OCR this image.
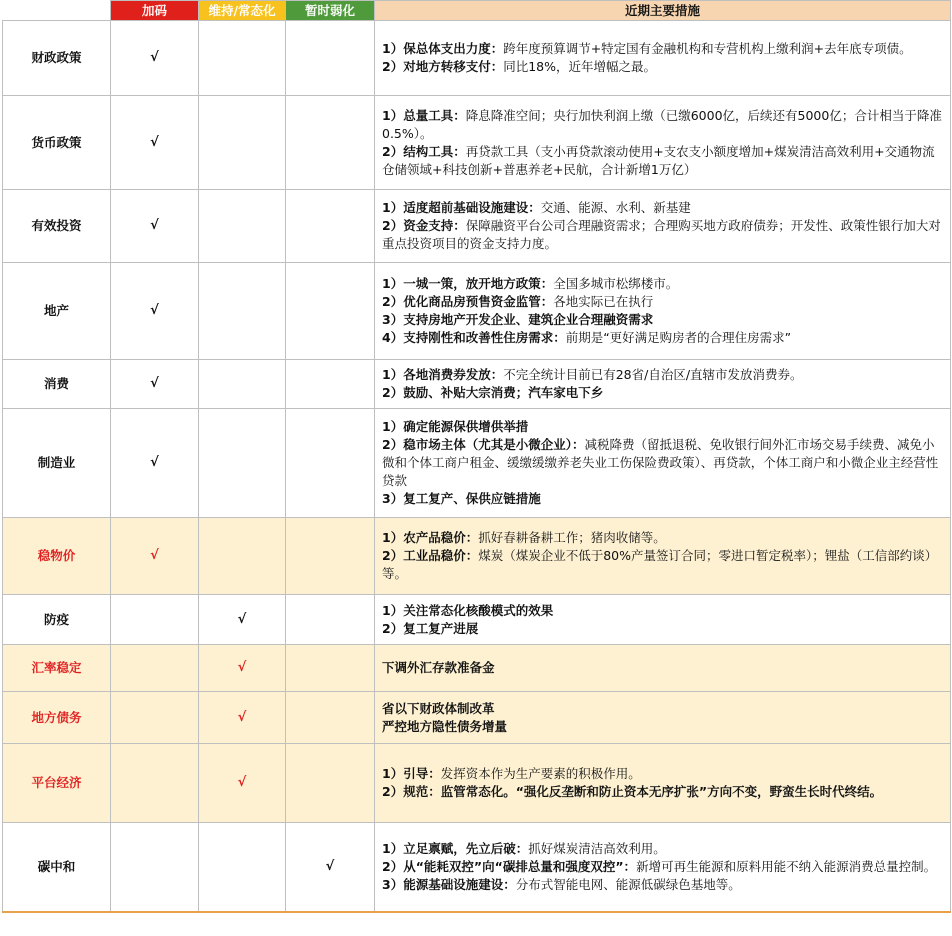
	加码	维持/常态化	暂时弱化	近期主要措施
财政政策	√			1）保总体支出力度：跨年度预算调节+特定国有金融机构和专营机构上缴利润+去年底专项债。
2）对地方转移支付：同比18%，近年增幅之最。

货币政策	√			1）总量工具：降息降准空间；央行加快利润上缴（已缴6000亿，后续还有5000亿；合计相当于降准0.5%）。
2）结构工具：再贷款工具（支小再贷款滚动使用+支农支小额度增加+煤炭清洁高效利用+交通物流仓储领域+科技创新+普惠养老+民航，合计新增1万亿）

有效投资	√			1）适度超前基础设施建设：交通、能源、水利、新基建
2）资金支持：保障融资平台公司合理融资需求；合理购买地方政府债券；开发性、政策性银行加大对重点投资项目的资金支持力度。

地产	√			1）一城一策，放开地方政策：全国多城市松绑楼市。
2）优化商品房预售资金监管：各地实际已在执行
3）支持房地产开发企业、建筑企业合理融资需求
4）支持刚性和改善性住房需求：前期是“更好满足购房者的合理住房需求”

消费	√			1）各地消费券发放：不完全统计目前已有28省/自治区/直辖市发放消费券。
2）鼓励、补贴大宗消费；汽车家电下乡

制造业	√			1）确定能源保供增供举措
2）稳市场主体（尤其是小微企业）：减税降费（留抵退税、免收银行间外汇市场交易手续费、减免小微和个体工商户租金、缓缴缓缴养老失业工伤保险费政策）、再贷款，个体工商户和小微企业主经营性贷款
3）复工复产、保供应链措施

稳物价	√			1）农产品稳价：抓好春耕备耕工作；猪肉收储等。
2）工业品稳价：煤炭（煤炭企业不低于80%产量签订合同；零进口暂定税率）；锂盐（工信部约谈）等。

防疫		√		1）关注常态化核酸模式的效果
2）复工复产进展

汇率稳定		√		下调外汇存款准备金

地方债务		√		省以下财政体制改革
严控地方隐性债务增量

平台经济		√		1）引导：发挥资本作为生产要素的积极作用。
2）规范：监管常态化。“强化反垄断和防止资本无序扩张”方向不变，野蛮生长时代终结。

碳中和			√	1）立足禀赋，先立后破：抓好煤炭清洁高效利用。
2）从“能耗双控”向“碳排总量和强度双控”：新增可再生能源和原料用能不纳入能源消费总量控制。
3）能源基础设施建设：分布式智能电网、能源低碳绿色基地等。
